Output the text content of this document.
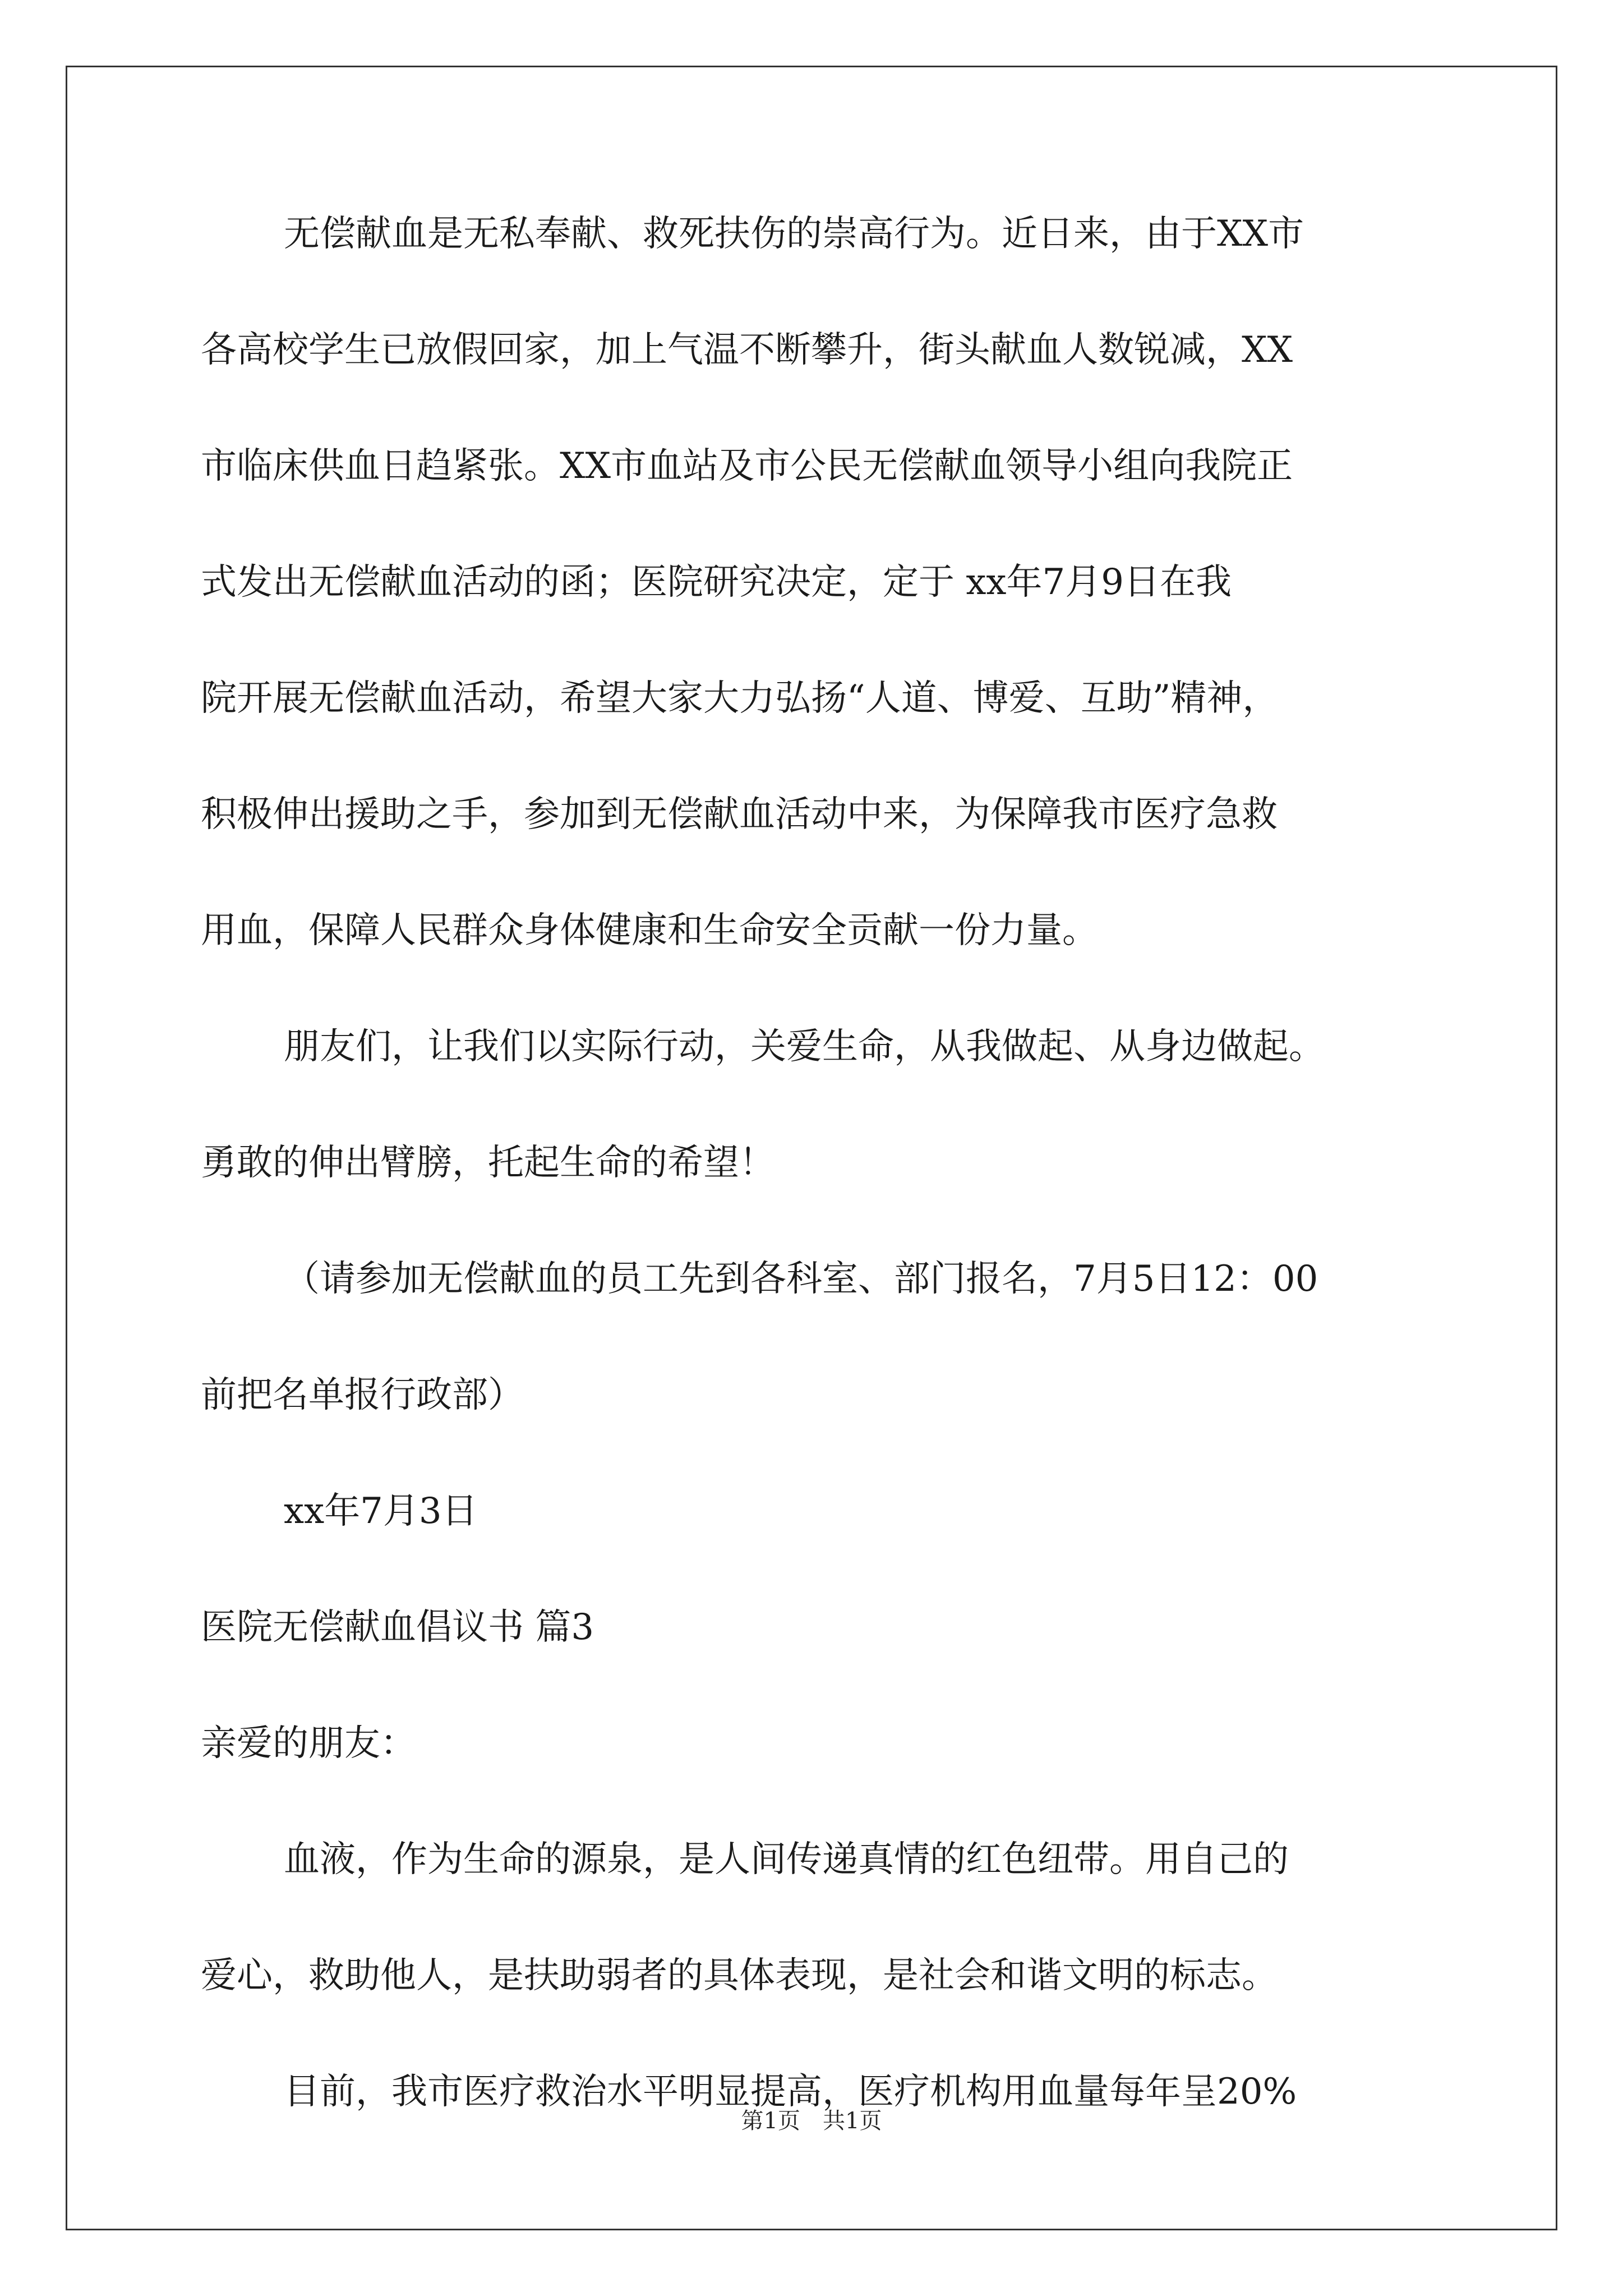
无偿献血是无私奉献、救死扶伤的崇高行为。近日来，由于XX市
各高校学生已放假回家，加上气温不断攀升，街头献血人数锐减，XX
市临床供血日趋紧张。XX市血站及市公民无偿献血领导小组向我院正
式发出无偿献血活动的函；医院研究决定，定于 xx年7月9日在我
院开展无偿献血活动，希望大家大力弘扬“人道、博爱、互助”精神，
积极伸出援助之手，参加到无偿献血活动中来，为保障我市医疗急救
用血，保障人民群众身体健康和生命安全贡献一份力量。
朋友们，让我们以实际行动，关爱生命，从我做起、从身边做起。
勇敢的伸出臂膀，托起生命的希望！
（请参加无偿献血的员工先到各科室、部门报名，7月5日12：00
前把名单报行政部）
xx年7月3日
医院无偿献血倡议书 篇3
亲爱的朋友：
血液，作为生命的源泉，是人间传递真情的红色纽带。用自己的
爱心，救助他人，是扶助弱者的具体表现，是社会和谐文明的标志。
目前，我市医疗救治水平明显提高，医疗机构用血量每年呈20%
第1页　共1页
